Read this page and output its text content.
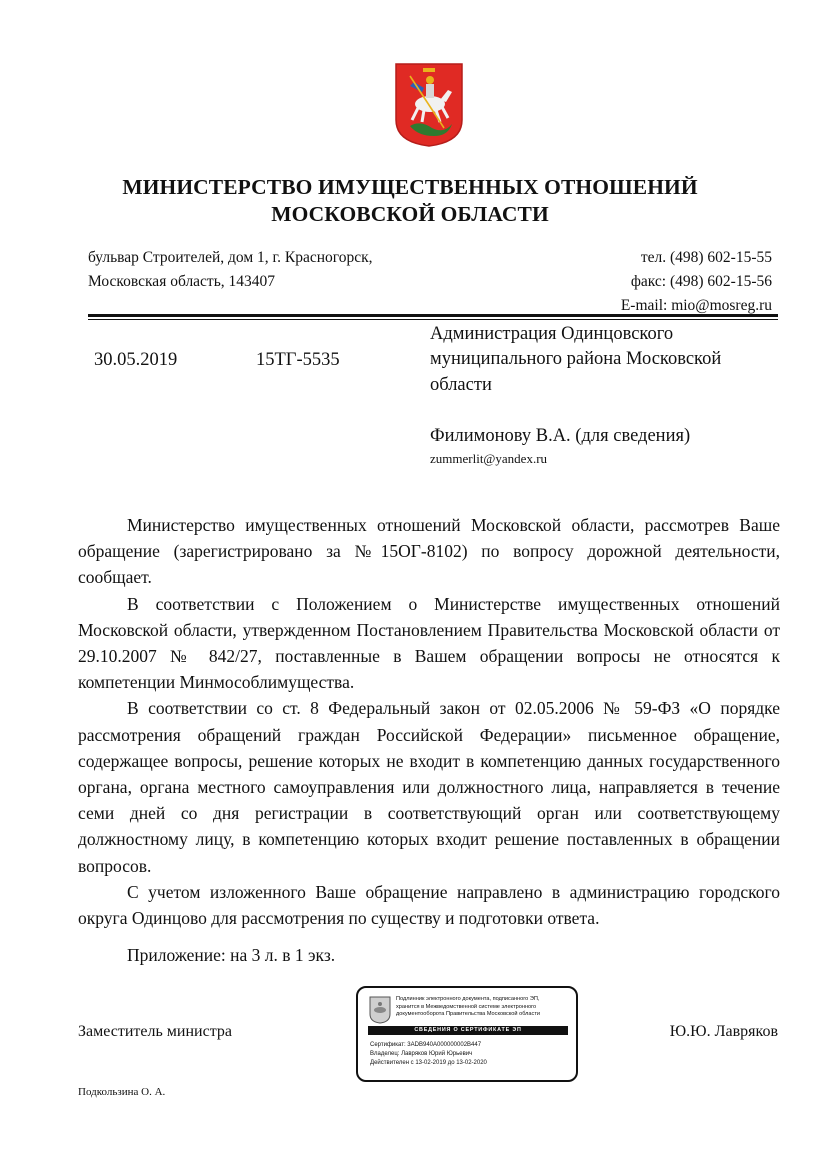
МИНИСТЕРСТВО ИМУЩЕСТВЕННЫХ ОТНОШЕНИЙ
МОСКОВСКОЙ ОБЛАСТИ
бульвар Строителей, дом 1, г. Красногорск,
Московская область, 143407
тел. (498) 602-15-55
факс: (498) 602-15-56
E-mail: mio@mosreg.ru
30.05.2019	15ТГ-5535
Администрация Одинцовского
муниципального района Московской
области
Филимонову В.А. (для сведения)
zummerlit@yandex.ru

Министерство имущественных отношений Московской области, рассмотрев Ваше обращение (зарегистрировано за №15ОГ-8102) по вопросу дорожной деятельности, сообщает.

В соответствии с Положением о Министерстве имущественных отношений Московской области, утвержденном Постановлением Правительства Московской области от 29.10.2007 № 842/27, поставленные в Вашем обращении вопросы не относятся к компетенции Минмособлимущества.

В соответствии со ст. 8 Федеральный закон от 02.05.2006 № 59-ФЗ «О порядке рассмотрения обращений граждан Российской Федерации» письменное обращение, содержащее вопросы, решение которых не входит в компетенцию данных государственного органа, органа местного самоуправления или должностного лица, направляется в течение семи дней со дня регистрации в соответствующий орган или соответствующему должностному лицу, в компетенцию которых входит решение поставленных в обращении вопросов.

С учетом изложенного Ваше обращение направлено в администрацию городского округа Одинцово для рассмотрения по существу и подготовки ответа.

Приложение: на 3 л. в 1 экз.
Заместитель министра	Ю.Ю. Лавряков
Подлинник электронного документа, подписанного ЭП,
хранится в Межведомственной системе электронного
документооборота Правительства Московской области
СВЕДЕНИЯ О СЕРТИФИКАТЕ ЭП
Сертификат: 3ADB940A000000002B447
Владелец: Лавряков Юрий Юрьевич
Действителен с 13-02-2019 до 13-02-2020
Подкользина О. А.
